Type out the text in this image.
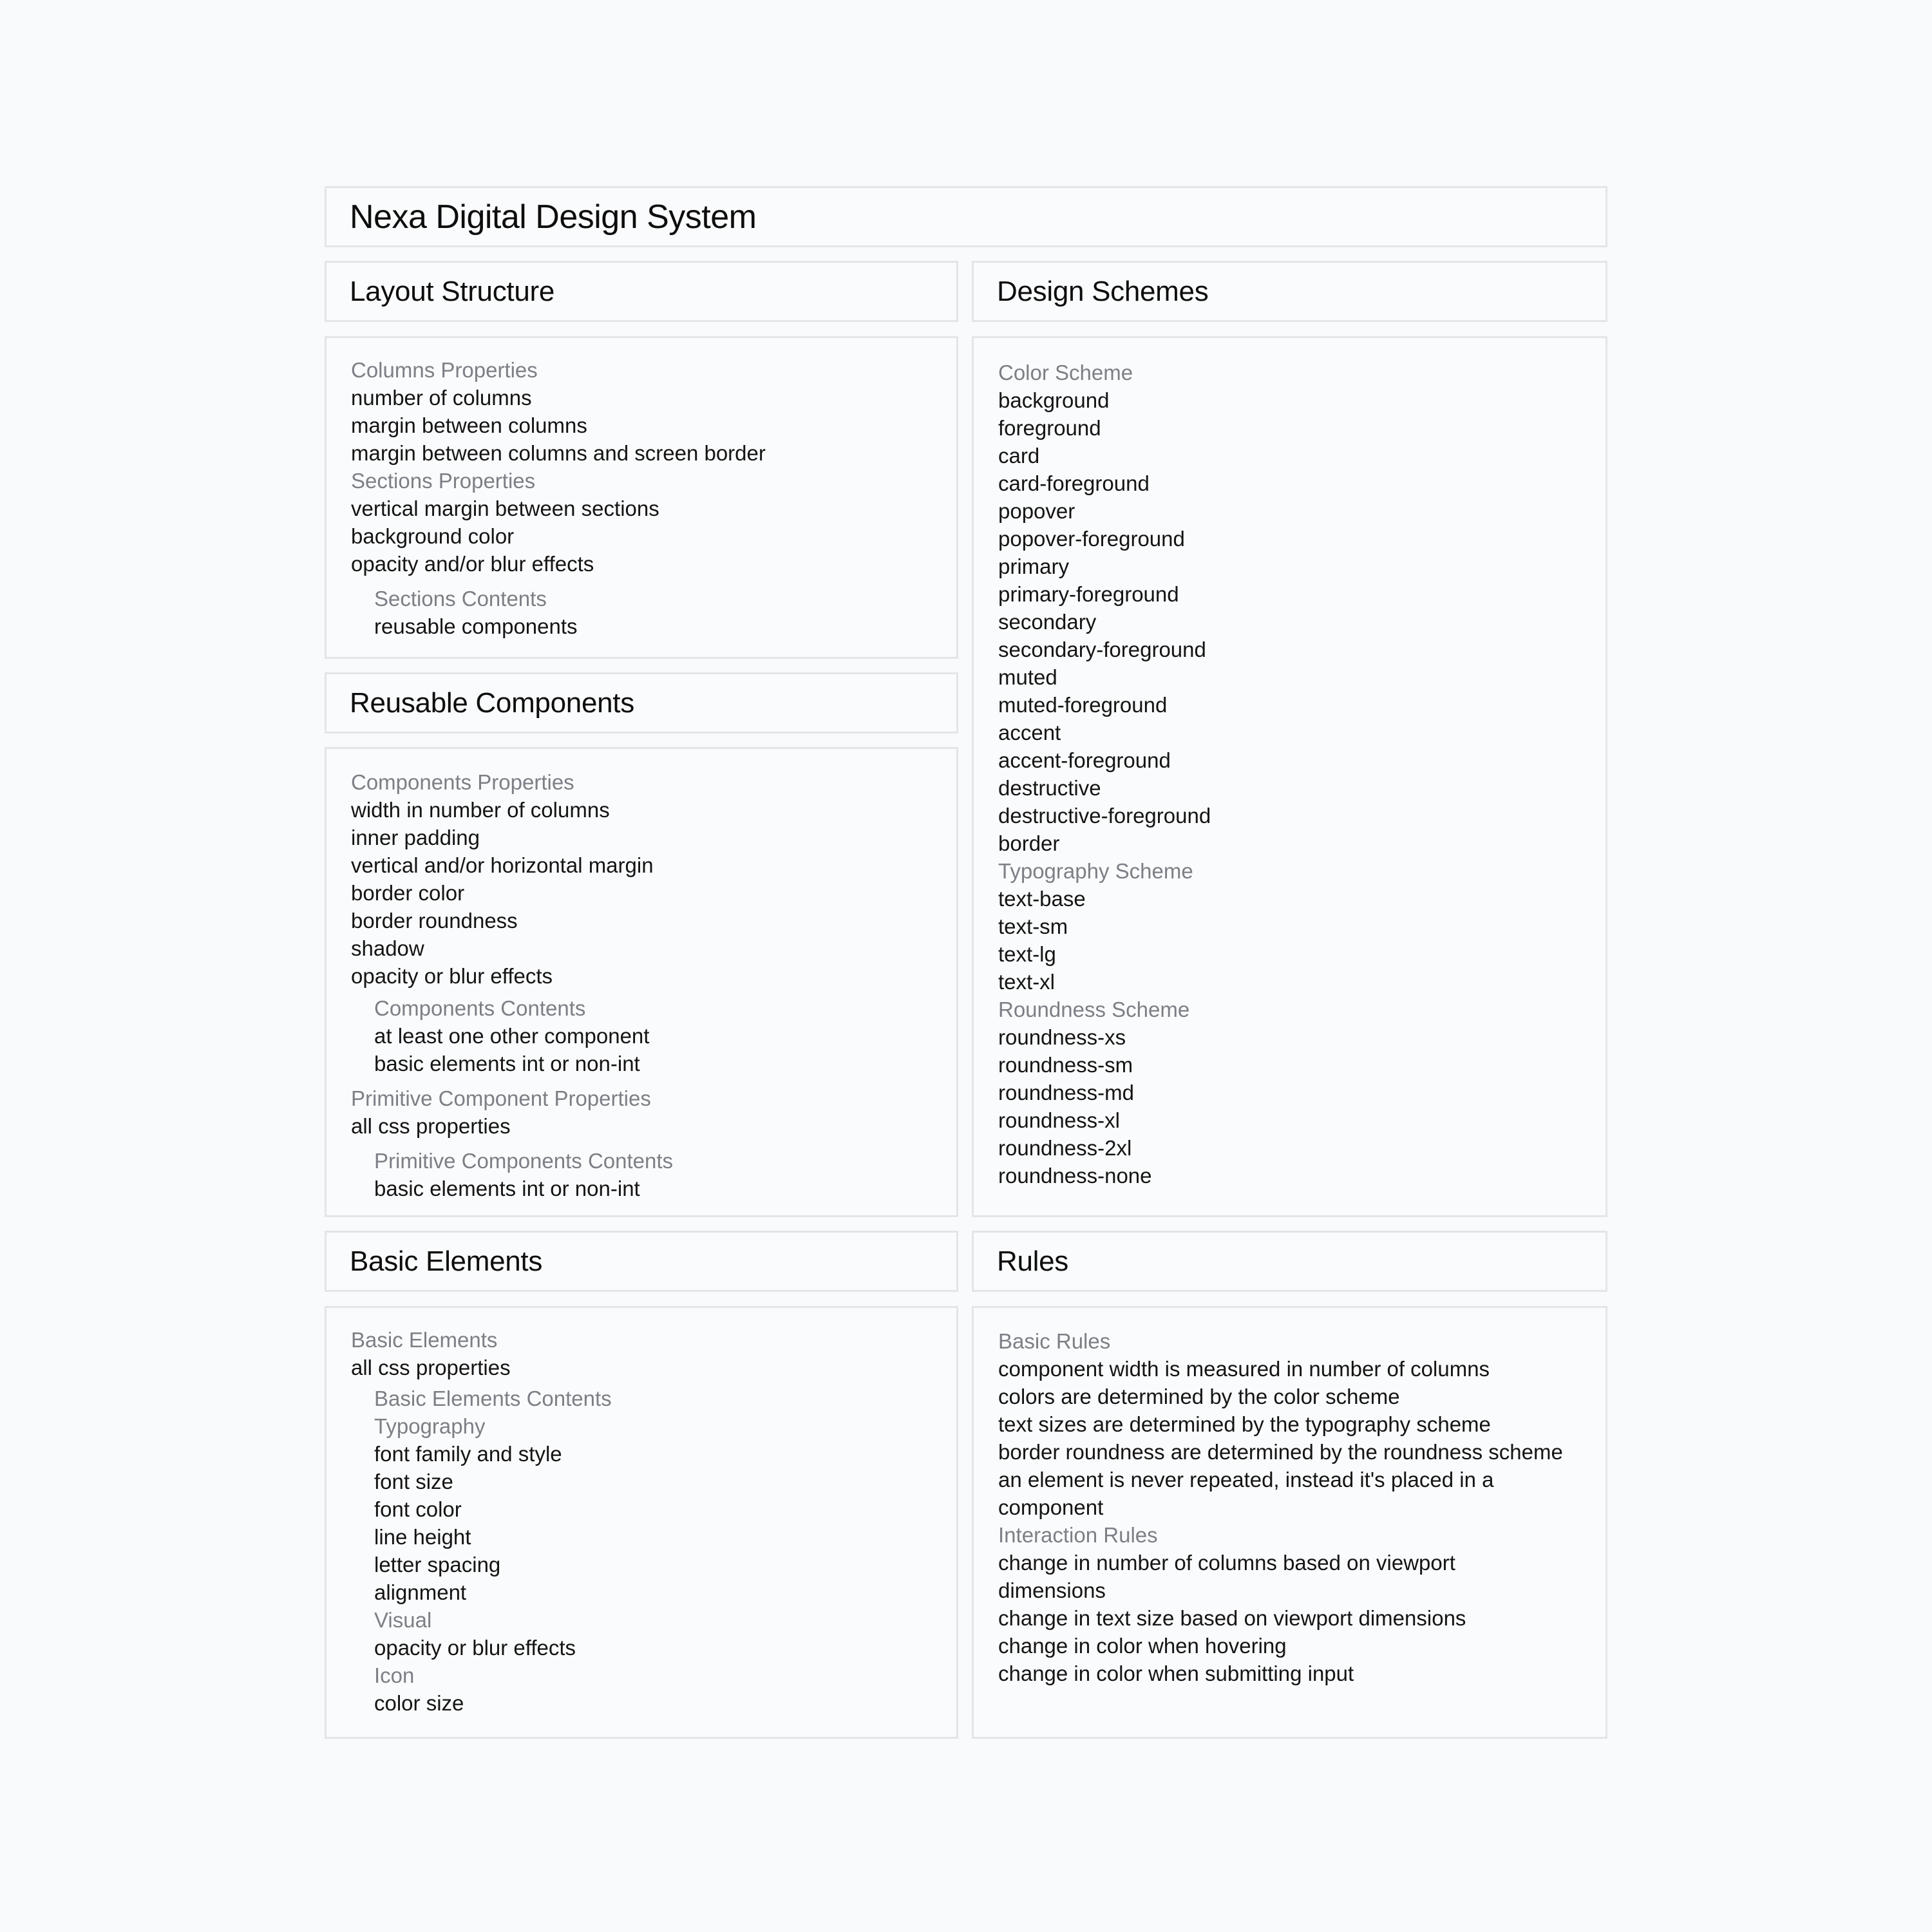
Nexa Digital Design System
Layout Structure
Columns Properties
number of columns
margin between columns
margin between columns and screen border
Sections Properties
vertical margin between sections
background color
opacity and/or blur effects
Sections Contents
reusable components
Reusable Components
Components Properties
width in number of columns
inner padding
vertical and/or horizontal margin
border color
border roundness
shadow
opacity or blur effects
Components Contents
at least one other component
basic elements int or non-int
Primitive Component Properties
all css properties
Primitive Components Contents
basic elements int or non-int
Basic Elements
Basic Elements
all css properties
Basic Elements Contents
Typography
font family and style
font size
font color
line height
letter spacing
alignment
Visual
opacity or blur effects
Icon
color size
Design Schemes
Color Scheme
background
foreground
card
card-foreground
popover
popover-foreground
primary
primary-foreground
secondary
secondary-foreground
muted
muted-foreground
accent
accent-foreground
destructive
destructive-foreground
border
Typography Scheme
text-base
text-sm
text-lg
text-xl
Roundness Scheme
roundness-xs
roundness-sm
roundness-md
roundness-xl
roundness-2xl
roundness-none
Rules
Basic Rules
component width is measured in number of columns
colors are determined by the color scheme
text sizes are determined by the typography scheme
border roundness are determined by the roundness scheme
an element is never repeated, instead it's placed in a component
Interaction Rules
change in number of columns based on viewport dimensions
change in text size based on viewport dimensions
change in color when hovering
change in color when submitting input
